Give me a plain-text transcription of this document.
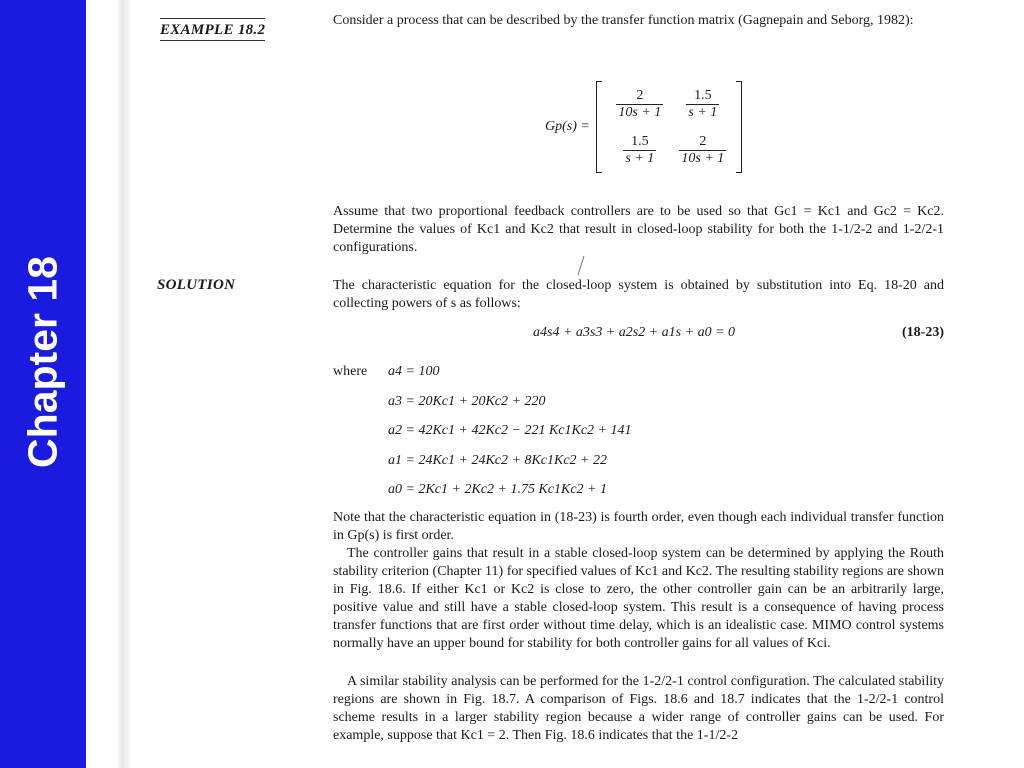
Chapter 18
EXAMPLE 18.2
Consider a process that can be described by the transfer function matrix (Gagnepain and Seborg, 1982):
$Gp(s) = \frac{2}{10s + 1} \frac{1.5}{s + 1}$
$\frac{1.5}{s + 1} \frac{2}{10s + 1}$
Assume that two proportional feedback controllers are to be used so that Gc1 = Kc1 and Gc2 = Kc2. Determine the values of Kc1 and Kc2 that result in closed-loop stability for both the 1-1/2-2 and 1-2/2-1 configurations.
SOLUTION	The characteristic equation for the closed-loop system is obtained by substitution into Eq. 18-20 and collecting powers of s as follows:
a4s4 + a3s3 + a2s2 + a1s + a0 = 0	(18-23)
where a4 = 100
a3 = 20Kc1 + 20Kc2 + 220
a2 = 42Kc1 + 42Kc2 − 221 Kc1Kc2 + 141
a1 = 24Kc1 + 24Kc2 + 8Kc1Kc2 + 22
a0 = 2Kc1 + 2Kc2 + 1.75 Kc1Kc2 + 1
Note that the characteristic equation in (18-23) is fourth order, even though each individual transfer function in Gp(s) is first order.
The controller gains that result in a stable closed-loop system can be determined by applying the Routh stability criterion (Chapter 11) for specified values of Kc1 and Kc2. The resulting stability regions are shown in Fig. 18.6. If either Kc1 or Kc2 is close to zero, the other controller gain can be an arbitrarily large, positive value and still have a stable closed-loop system. This result is a consequence of having process transfer functions that are first order without time delay, which is an idealistic case. MIMO control systems normally have an upper bound for stability for both controller gains for all values of Kci.
A similar stability analysis can be performed for the 1-2/2-1 control configuration. The calculated stability regions are shown in Fig. 18.7. A comparison of Figs. 18.6 and 18.7 indicates that the 1-2/2-1 control scheme results in a larger stability region because a wider range of controller gains can be used. For example, suppose that Kc1 = 2. Then Fig. 18.6 indicates that the 1-1/2-2
